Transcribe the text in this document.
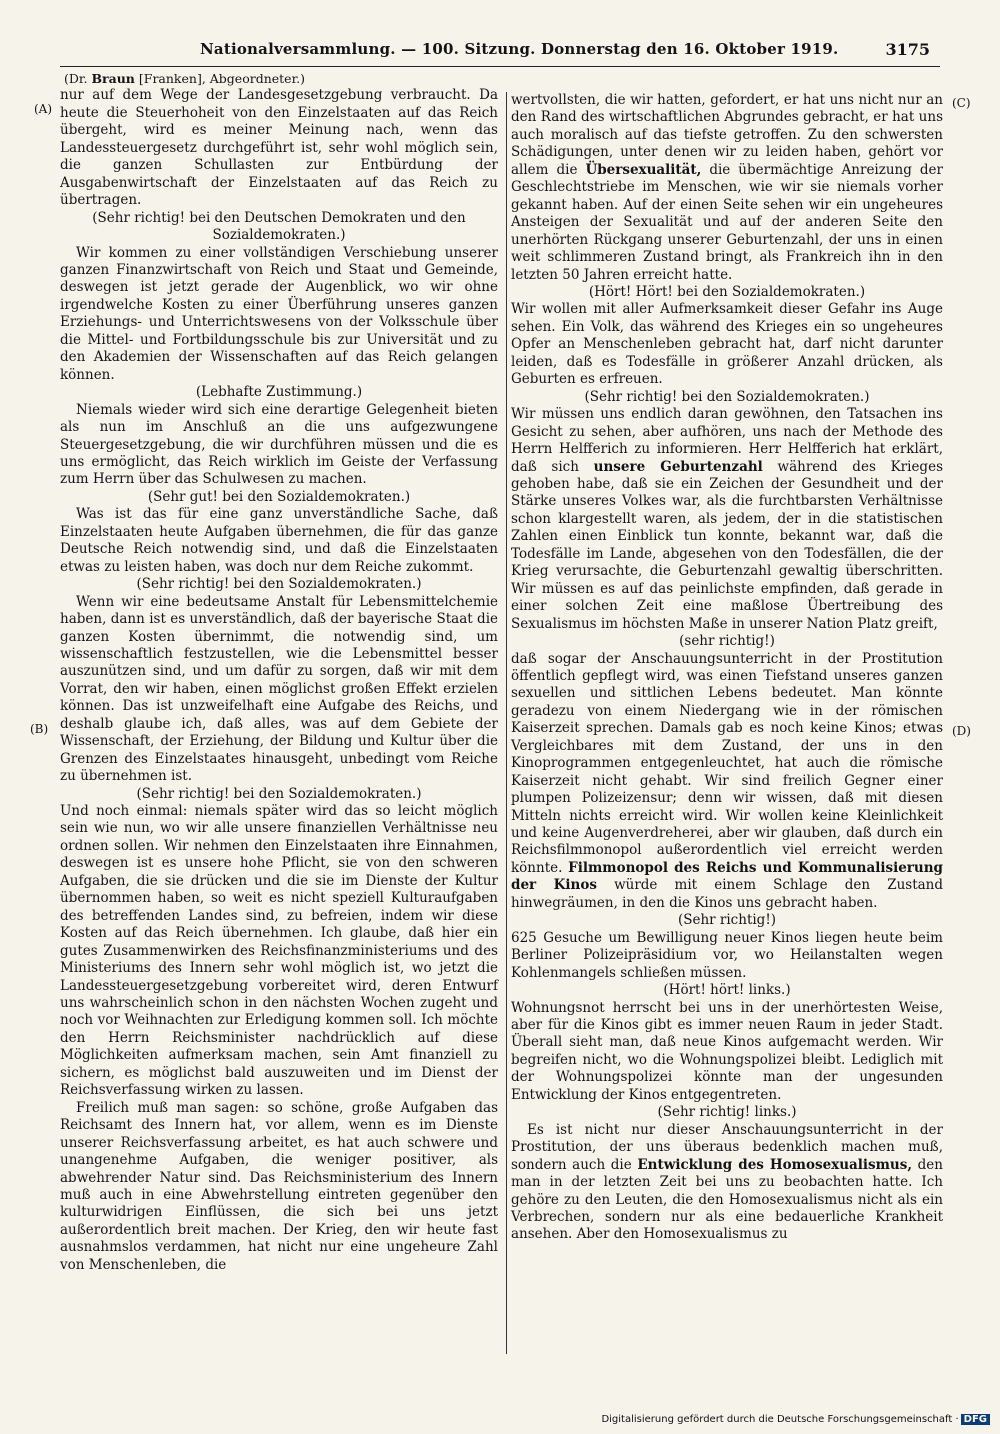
Nationalversammlung. — 100. Sitzung. Donnerstag den 16. Oktober 1919.	3175
(A)
(B)
(C)
(D)

(Dr. Braun [Franken], Abgeordneter.)

nur auf dem Wege der Landesgesetzgebung verbraucht. Da heute die Steuerhoheit von den Einzelstaaten auf das Reich übergeht, wird es meiner Meinung nach, wenn das Landessteuergesetz durchgeführt ist, sehr wohl möglich sein, die ganzen Schullasten zur Entbürdung der Ausgabenwirtschaft der Einzelstaaten auf das Reich zu übertragen.

(Sehr richtig! bei den Deutschen Demokraten und den Sozialdemokraten.)

Wir kommen zu einer vollständigen Verschiebung unserer ganzen Finanzwirtschaft von Reich und Staat und Gemeinde, deswegen ist jetzt gerade der Augenblick, wo wir ohne irgendwelche Kosten zu einer Überführung unseres ganzen Erziehungs- und Unterrichtswesens von der Volksschule über die Mittel- und Fortbildungsschule bis zur Universität und zu den Akademien der Wissenschaften auf das Reich gelangen können.

(Lebhafte Zustimmung.)

Niemals wieder wird sich eine derartige Gelegenheit bieten als nun im Anschluß an die uns aufgezwungene Steuergesetzgebung, die wir durchführen müssen und die es uns ermöglicht, das Reich wirklich im Geiste der Verfassung zum Herrn über das Schulwesen zu machen.

(Sehr gut! bei den Sozialdemokraten.)

Was ist das für eine ganz unverständliche Sache, daß Einzelstaaten heute Aufgaben übernehmen, die für das ganze Deutsche Reich notwendig sind, und daß die Einzelstaaten etwas zu leisten haben, was doch nur dem Reiche zukommt.

(Sehr richtig! bei den Sozialdemokraten.)

Wenn wir eine bedeutsame Anstalt für Lebensmittelchemie haben, dann ist es unverständlich, daß der bayerische Staat die ganzen Kosten übernimmt, die notwendig sind, um wissenschaftlich festzustellen, wie die Lebensmittel besser auszunützen sind, und um dafür zu sorgen, daß wir mit dem Vorrat, den wir haben, einen möglichst großen Effekt erzielen können. Das ist unzweifelhaft eine Aufgabe des Reichs, und deshalb glaube ich, daß alles, was auf dem Gebiete der Wissenschaft, der Erziehung, der Bildung und Kultur über die Grenzen des Einzelstaates hinausgeht, unbedingt vom Reiche zu übernehmen ist.

(Sehr richtig! bei den Sozialdemokraten.)

Und noch einmal: niemals später wird das so leicht möglich sein wie nun, wo wir alle unsere finanziellen Verhältnisse neu ordnen sollen. Wir nehmen den Einzelstaaten ihre Einnahmen, deswegen ist es unsere hohe Pflicht, sie von den schweren Aufgaben, die sie drücken und die sie im Dienste der Kultur übernommen haben, so weit es nicht speziell Kulturaufgaben des betreffenden Landes sind, zu befreien, indem wir diese Kosten auf das Reich übernehmen. Ich glaube, daß hier ein gutes Zusammenwirken des Reichsfinanzministeriums und des Ministeriums des Innern sehr wohl möglich ist, wo jetzt die Landessteuergesetzgebung vorbereitet wird, deren Entwurf uns wahrscheinlich schon in den nächsten Wochen zugeht und noch vor Weihnachten zur Erledigung kommen soll. Ich möchte den Herrn Reichsminister nachdrücklich auf diese Möglichkeiten aufmerksam machen, sein Amt finanziell zu sichern, es möglichst bald auszuweiten und im Dienst der Reichsverfassung wirken zu lassen.

Freilich muß man sagen: so schöne, große Aufgaben das Reichsamt des Innern hat, vor allem, wenn es im Dienste unserer Reichsverfassung arbeitet, es hat auch schwere und unangenehme Aufgaben, die weniger positiver, als abwehrender Natur sind. Das Reichsministerium des Innern muß auch in eine Abwehrstellung eintreten gegenüber den kulturwidrigen Einflüssen, die sich bei uns jetzt außerordentlich breit machen. Der Krieg, den wir heute fast ausnahmslos verdammen, hat nicht nur eine ungeheure Zahl von Menschenleben, die

wertvollsten, die wir hatten, gefordert, er hat uns nicht nur an den Rand des wirtschaftlichen Abgrundes gebracht, er hat uns auch moralisch auf das tiefste getroffen. Zu den schwersten Schädigungen, unter denen wir zu leiden haben, gehört vor allem die Übersexualität, die übermächtige Anreizung der Geschlechtstriebe im Menschen, wie wir sie niemals vorher gekannt haben. Auf der einen Seite sehen wir ein ungeheures Ansteigen der Sexualität und auf der anderen Seite den unerhörten Rückgang unserer Geburtenzahl, der uns in einen weit schlimmeren Zustand bringt, als Frankreich ihn in den letzten 50 Jahren erreicht hatte.

(Hört! Hört! bei den Sozialdemokraten.)

Wir wollen mit aller Aufmerksamkeit dieser Gefahr ins Auge sehen. Ein Volk, das während des Krieges ein so ungeheures Opfer an Menschenleben gebracht hat, darf nicht darunter leiden, daß es Todesfälle in größerer Anzahl drücken, als Geburten es erfreuen.

(Sehr richtig! bei den Sozialdemokraten.)

Wir müssen uns endlich daran gewöhnen, den Tatsachen ins Gesicht zu sehen, aber aufhören, uns nach der Methode des Herrn Helfferich zu informieren. Herr Helfferich hat erklärt, daß sich unsere Geburtenzahl während des Krieges gehoben habe, daß sie ein Zeichen der Gesundheit und der Stärke unseres Volkes war, als die furchtbarsten Verhältnisse schon klargestellt waren, als jedem, der in die statistischen Zahlen einen Einblick tun konnte, bekannt war, daß die Todesfälle im Lande, abgesehen von den Todesfällen, die der Krieg verursachte, die Geburtenzahl gewaltig überschritten. Wir müssen es auf das peinlichste empfinden, daß gerade in einer solchen Zeit eine maßlose Übertreibung des Sexualismus im höchsten Maße in unserer Nation Platz greift,

(sehr richtig!)

daß sogar der Anschauungsunterricht in der Prostitution öffentlich gepflegt wird, was einen Tiefstand unseres ganzen sexuellen und sittlichen Lebens bedeutet. Man könnte geradezu von einem Niedergang wie in der römischen Kaiserzeit sprechen. Damals gab es noch keine Kinos; etwas Vergleichbares mit dem Zustand, der uns in den Kinoprogrammen entgegenleuchtet, hat auch die römische Kaiserzeit nicht gehabt. Wir sind freilich Gegner einer plumpen Polizeizensur; denn wir wissen, daß mit diesen Mitteln nichts erreicht wird. Wir wollen keine Kleinlichkeit und keine Augenverdreherei, aber wir glauben, daß durch ein Reichsfilmmonopol außerordentlich viel erreicht werden könnte. Filmmonopol des Reichs und Kommunalisierung der Kinos würde mit einem Schlage den Zustand hinwegräumen, in den die Kinos uns gebracht haben.

(Sehr richtig!)

625 Gesuche um Bewilligung neuer Kinos liegen heute beim Berliner Polizeipräsidium vor, wo Heilanstalten wegen Kohlenmangels schließen müssen.

(Hört! hört! links.)

Wohnungsnot herrscht bei uns in der unerhörtesten Weise, aber für die Kinos gibt es immer neuen Raum in jeder Stadt. Überall sieht man, daß neue Kinos aufgemacht werden. Wir begreifen nicht, wo die Wohnungspolizei bleibt. Lediglich mit der Wohnungspolizei könnte man der ungesunden Entwicklung der Kinos entgegentreten.

(Sehr richtig! links.)

Es ist nicht nur dieser Anschauungsunterricht in der Prostitution, der uns überaus bedenklich machen muß, sondern auch die Entwicklung des Homosexualismus, den man in der letzten Zeit bei uns zu beobachten hatte. Ich gehöre zu den Leuten, die den Homosexualismus nicht als ein Verbrechen, sondern nur als eine bedauerliche Krankheit ansehen. Aber den Homosexualismus zu

Digitalisierung gefördert durch die Deutsche Forschungsgemeinschaft · DFG
